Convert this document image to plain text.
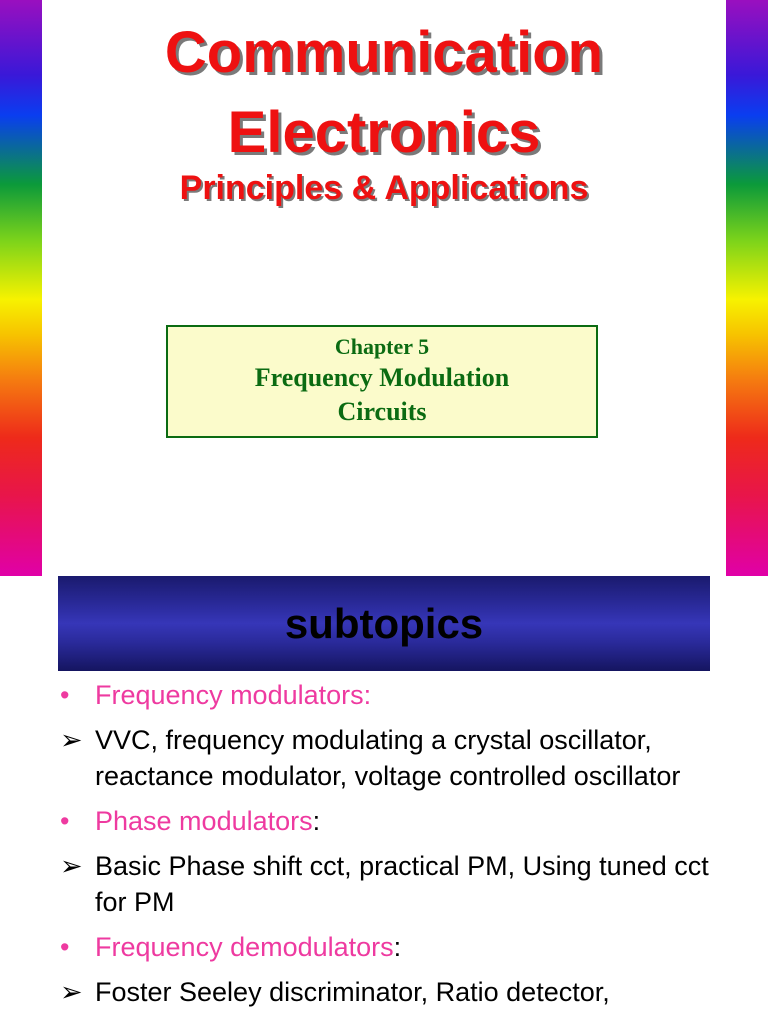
Communication
Electronics
Principles & Applications
Chapter 5
Frequency Modulation
Circuits
subtopics

• Frequency modulators:

➢ VVC, frequency modulating a crystal oscillator, reactance modulator, voltage controlled oscillator

• Phase modulators:

➢ Basic Phase shift cct, practical PM, Using tuned cct for PM

• Frequency demodulators:

➢ Foster Seeley discriminator, Ratio detector,
